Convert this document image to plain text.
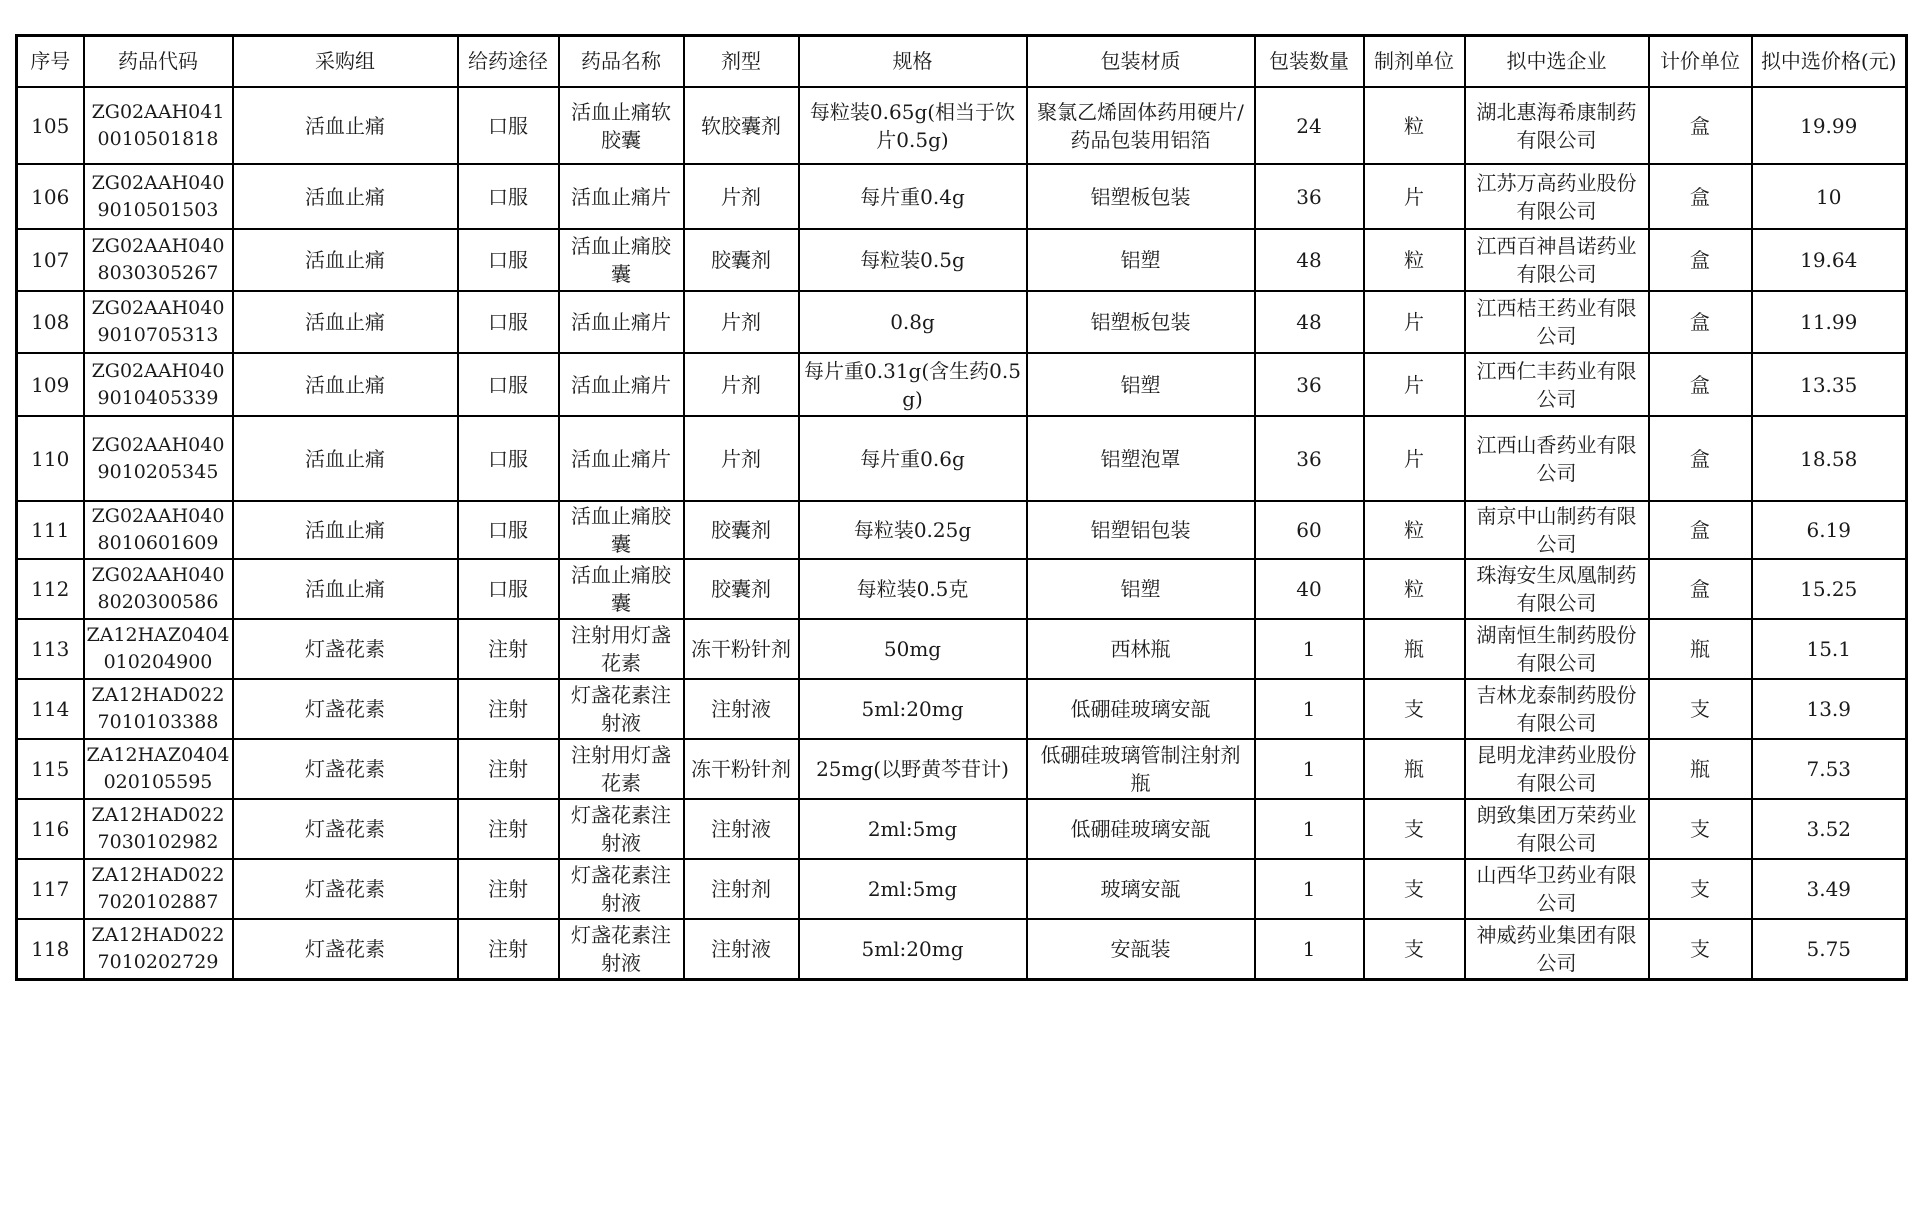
序号	药品代码	采购组	给药途径	药品名称	剂型	规格	包装材质	包装数量	制剂单位	拟中选企业	计价单位	拟中选价格(元)
105	ZG02AAH0410010501818	活血止痛	口服	活血止痛软胶囊	软胶囊剂	每粒装0.65g(相当于饮片0.5g)	聚氯乙烯固体药用硬片/药品包装用铝箔	24	粒	湖北惠海希康制药有限公司	盒	19.99
106	ZG02AAH0409010501503	活血止痛	口服	活血止痛片	片剂	每片重0.4g	铝塑板包装	36	片	江苏万高药业股份有限公司	盒	10
107	ZG02AAH0408030305267	活血止痛	口服	活血止痛胶囊	胶囊剂	每粒装0.5g	铝塑	48	粒	江西百神昌诺药业有限公司	盒	19.64
108	ZG02AAH0409010705313	活血止痛	口服	活血止痛片	片剂	0.8g	铝塑板包装	48	片	江西桔王药业有限公司	盒	11.99
109	ZG02AAH0409010405339	活血止痛	口服	活血止痛片	片剂	每片重0.31g(含生药0.5g)	铝塑	36	片	江西仁丰药业有限公司	盒	13.35
110	ZG02AAH0409010205345	活血止痛	口服	活血止痛片	片剂	每片重0.6g	铝塑泡罩	36	片	江西山香药业有限公司	盒	18.58
111	ZG02AAH0408010601609	活血止痛	口服	活血止痛胶囊	胶囊剂	每粒装0.25g	铝塑铝包装	60	粒	南京中山制药有限公司	盒	6.19
112	ZG02AAH0408020300586	活血止痛	口服	活血止痛胶囊	胶囊剂	每粒装0.5克	铝塑	40	粒	珠海安生凤凰制药有限公司	盒	15.25
113	ZA12HAZ0404010204900	灯盏花素	注射	注射用灯盏花素	冻干粉针剂	50mg	西林瓶	1	瓶	湖南恒生制药股份有限公司	瓶	15.1
114	ZA12HAD0227010103388	灯盏花素	注射	灯盏花素注射液	注射液	5ml:20mg	低硼硅玻璃安瓿	1	支	吉林龙泰制药股份有限公司	支	13.9
115	ZA12HAZ0404020105595	灯盏花素	注射	注射用灯盏花素	冻干粉针剂	25mg(以野黄芩苷计)	低硼硅玻璃管制注射剂瓶	1	瓶	昆明龙津药业股份有限公司	瓶	7.53
116	ZA12HAD0227030102982	灯盏花素	注射	灯盏花素注射液	注射液	2ml:5mg	低硼硅玻璃安瓿	1	支	朗致集团万荣药业有限公司	支	3.52
117	ZA12HAD0227020102887	灯盏花素	注射	灯盏花素注射液	注射剂	2ml:5mg	玻璃安瓿	1	支	山西华卫药业有限公司	支	3.49
118	ZA12HAD0227010202729	灯盏花素	注射	灯盏花素注射液	注射液	5ml:20mg	安瓿装	1	支	神威药业集团有限公司	支	5.75
